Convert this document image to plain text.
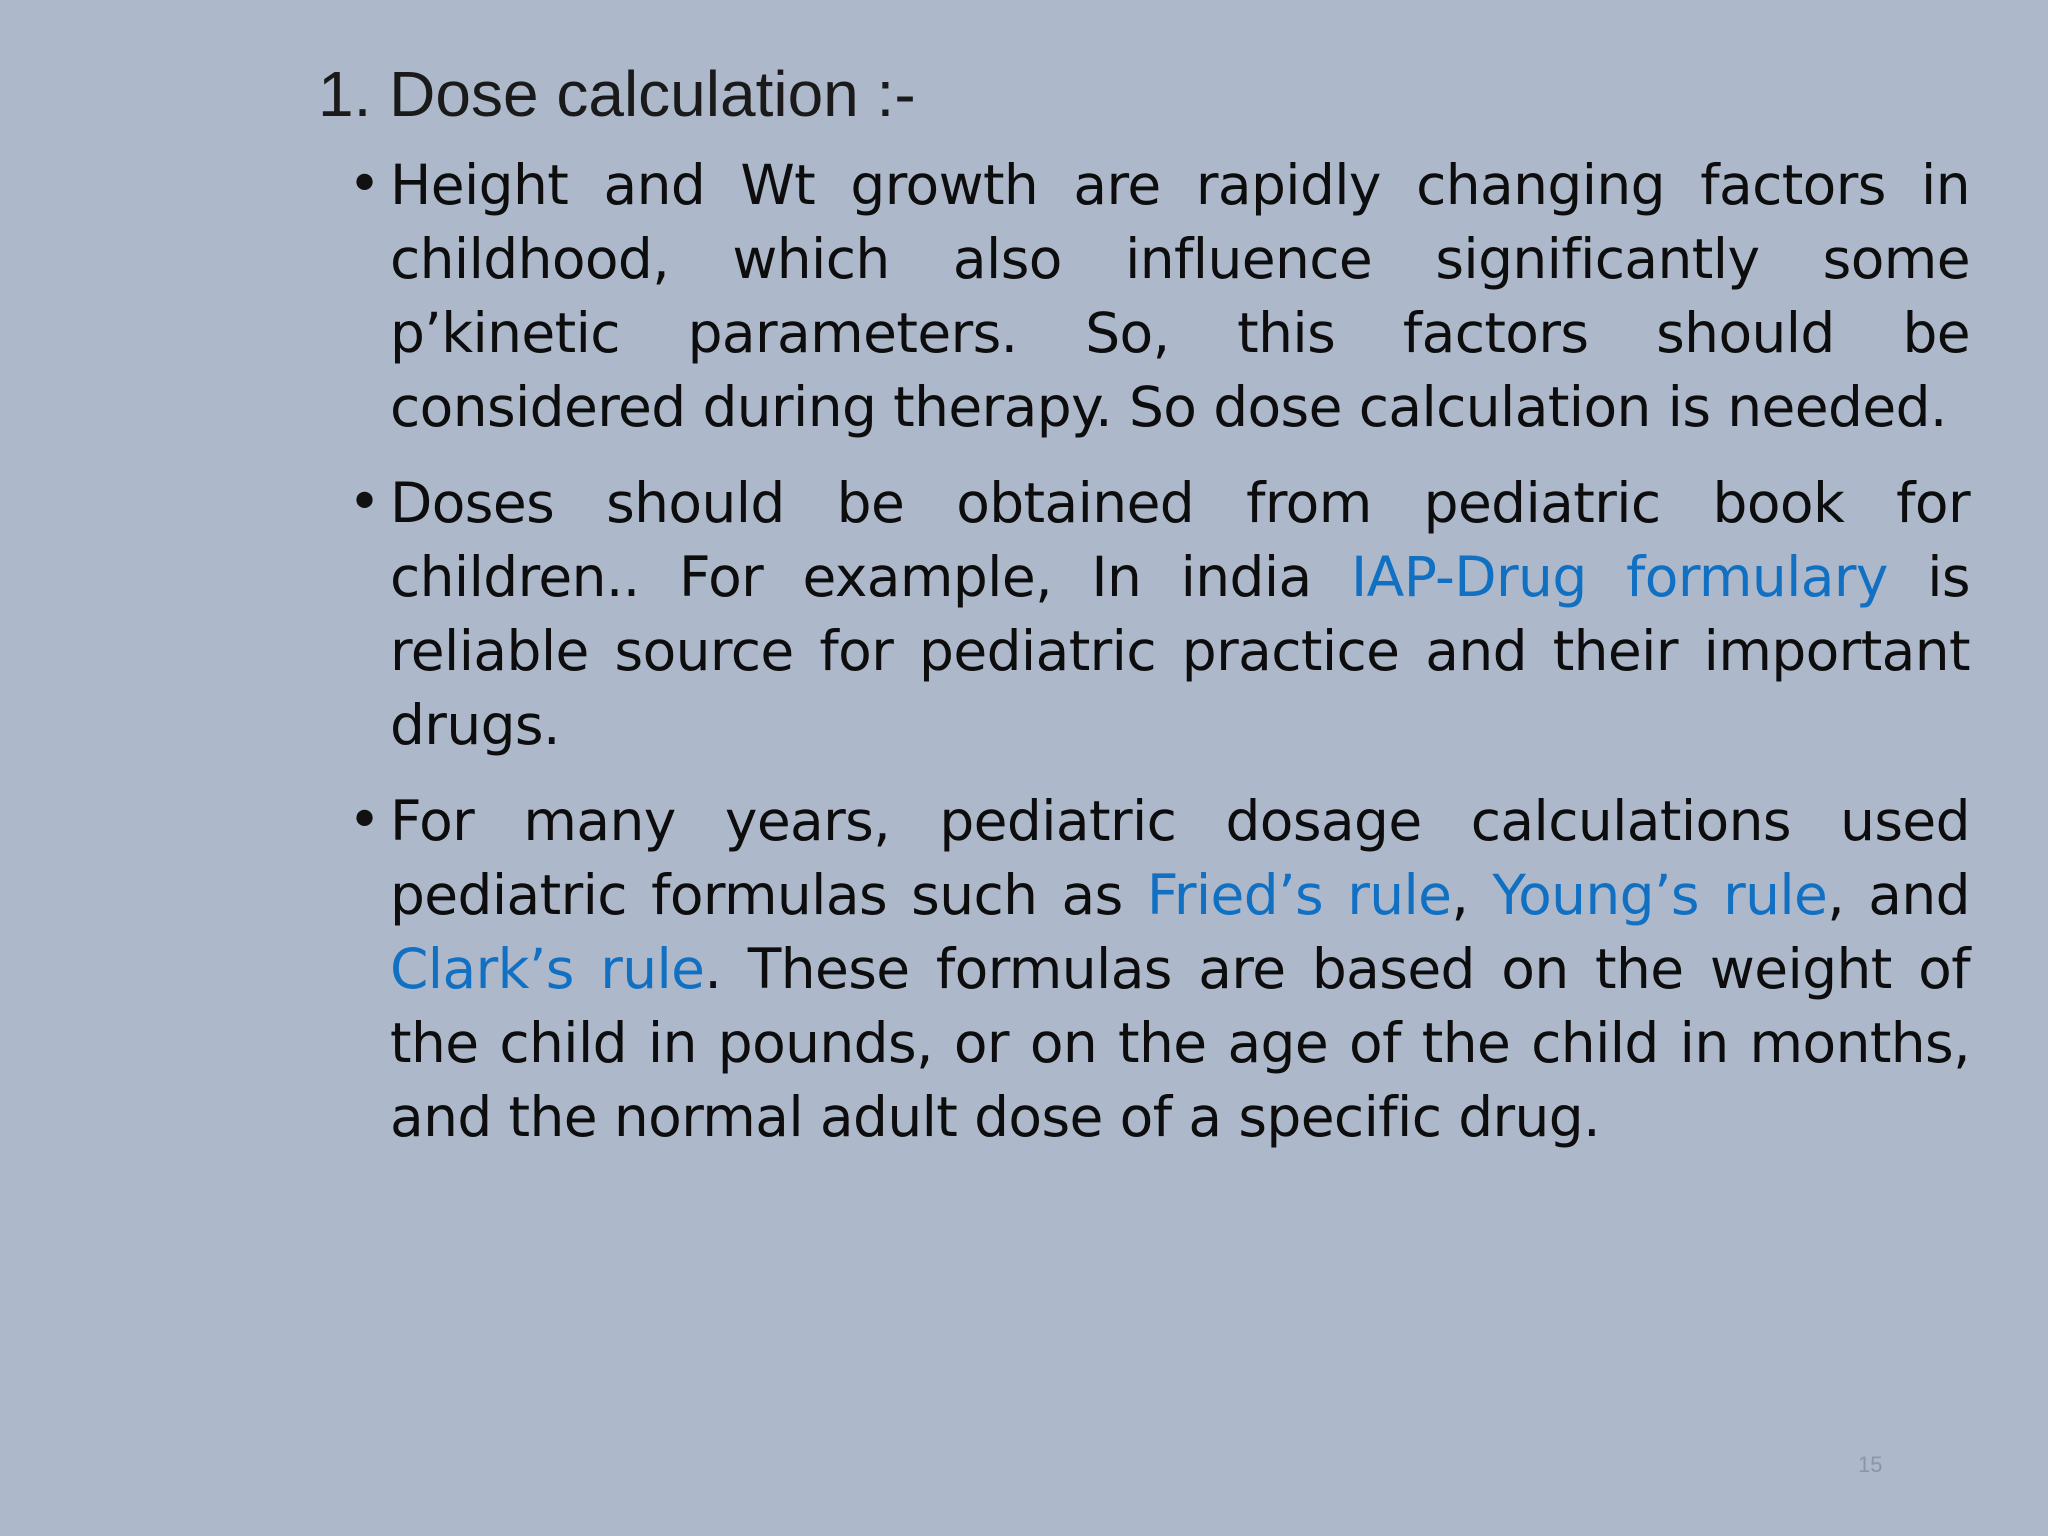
1. Dose calculation :-
• Height and Wt growth are rapidly changing factors in childhood, which also influence significantly some p’kinetic parameters. So, this factors should be considered during therapy. So dose calculation is needed.

• Doses should be obtained from pediatric book for children.. For example, In india IAP-Drug formulary is reliable source for pediatric practice and their important drugs.

• For many years, pediatric dosage calculations used pediatric formulas such as Fried’s rule, Young’s rule, and Clark’s rule. These formulas are based on the weight of the child in pounds, or on the age of the child in months, and the normal adult dose of a specific drug.

15
